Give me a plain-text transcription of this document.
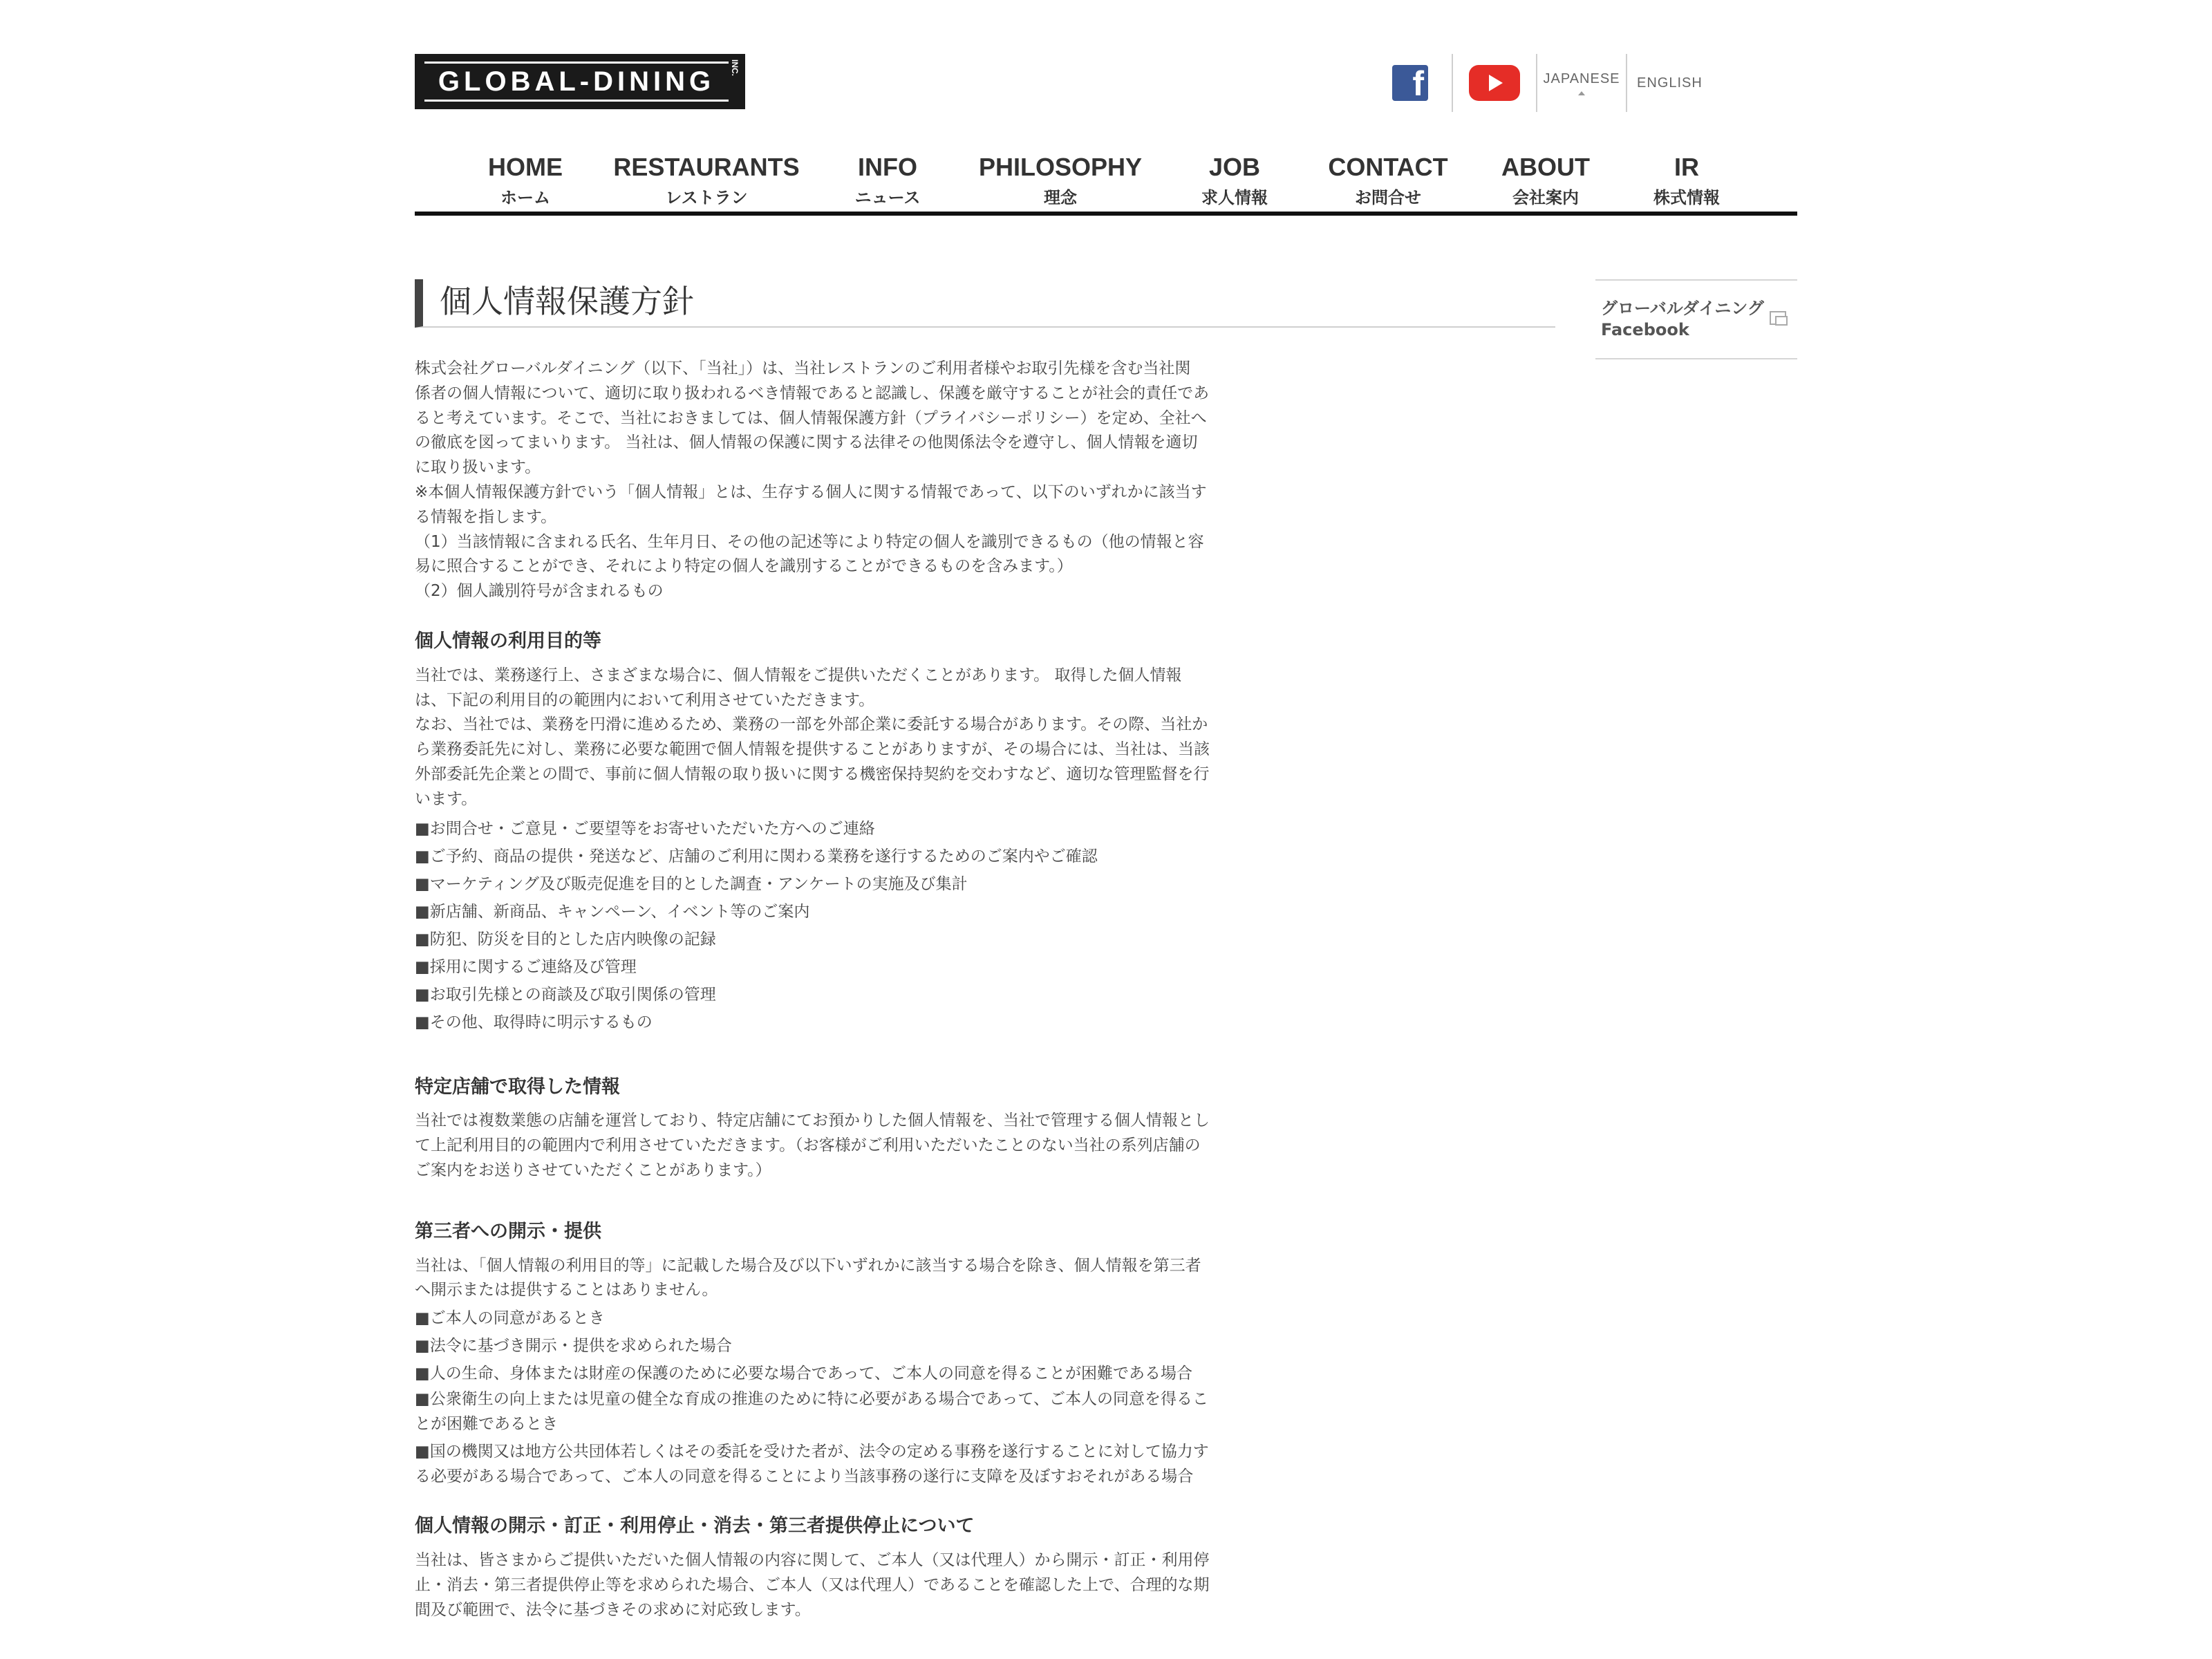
GLOBAL-DINING	INC.	f	JAPANESE ENGLISH
HOME
ホーム
RESTAURANTS
レストラン
INFO
ニュース
PHILOSOPHY
理念
JOB
求人情報
CONTACT
お問合せ
ABOUT
会社案内
IR
株式情報
グローバルダイニング
Facebook
個人情報保護方針

株式会社グローバルダイニング（以下、「当社」）は、当社レストランのご利用者様やお取引先様を含む当社関

係者の個人情報について、適切に取り扱われるべき情報であると認識し、保護を厳守することが社会的責任であ

ると考えています。そこで、当社におきましては、個人情報保護方針（プライバシーポリシー）を定め、全社へ

の徹底を図ってまいります。 当社は、個人情報の保護に関する法律その他関係法令を遵守し、個人情報を適切

に取り扱います。

※本個人情報保護方針でいう「個人情報」とは、生存する個人に関する情報であって、以下のいずれかに該当す

る情報を指します。

（1）当該情報に含まれる氏名、生年月日、その他の記述等により特定の個人を識別できるもの（他の情報と容

易に照合することができ、それにより特定の個人を識別することができるものを含みます。）

（2）個人識別符号が含まれるもの

個人情報の利用目的等

当社では、業務遂行上、さまざまな場合に、個人情報をご提供いただくことがあります。 取得した個人情報

は、下記の利用目的の範囲内において利用させていただきます。

なお、当社では、業務を円滑に進めるため、業務の一部を外部企業に委託する場合があります。その際、当社か

ら業務委託先に対し、業務に必要な範囲で個人情報を提供することがありますが、その場合には、当社は、当該

外部委託先企業との間で、事前に個人情報の取り扱いに関する機密保持契約を交わすなど、適切な管理監督を行

います。

■お問合せ・ご意見・ご要望等をお寄せいただいた方へのご連絡

■ご予約、商品の提供・発送など、店舗のご利用に関わる業務を遂行するためのご案内やご確認

■マーケティング及び販売促進を目的とした調査・アンケートの実施及び集計

■新店舗、新商品、キャンペーン、イベント等のご案内

■防犯、防災を目的とした店内映像の記録

■採用に関するご連絡及び管理

■お取引先様との商談及び取引関係の管理

■その他、取得時に明示するもの

特定店舗で取得した情報

当社では複数業態の店舗を運営しており、特定店舗にてお預かりした個人情報を、当社で管理する個人情報とし

て上記利用目的の範囲内で利用させていただきます。（お客様がご利用いただいたことのない当社の系列店舗の

ご案内をお送りさせていただくことがあります。）

第三者への開示・提供

当社は、「個人情報の利用目的等」に記載した場合及び以下いずれかに該当する場合を除き、個人情報を第三者

へ開示または提供することはありません。

■ご本人の同意があるとき

■法令に基づき開示・提供を求められた場合

■人の生命、身体または財産の保護のために必要な場合であって、ご本人の同意を得ることが困難である場合

■公衆衛生の向上または児童の健全な育成の推進のために特に必要がある場合であって、ご本人の同意を得るこ

とが困難であるとき

■国の機関又は地方公共団体若しくはその委託を受けた者が、法令の定める事務を遂行することに対して協力す

る必要がある場合であって、ご本人の同意を得ることにより当該事務の遂行に支障を及ぼすおそれがある場合

個人情報の開示・訂正・利用停止・消去・第三者提供停止について

当社は、皆さまからご提供いただいた個人情報の内容に関して、ご本人（又は代理人）から開示・訂正・利用停

止・消去・第三者提供停止等を求められた場合、ご本人（又は代理人）であることを確認した上で、合理的な期

間及び範囲で、法令に基づきその求めに対応致します。
